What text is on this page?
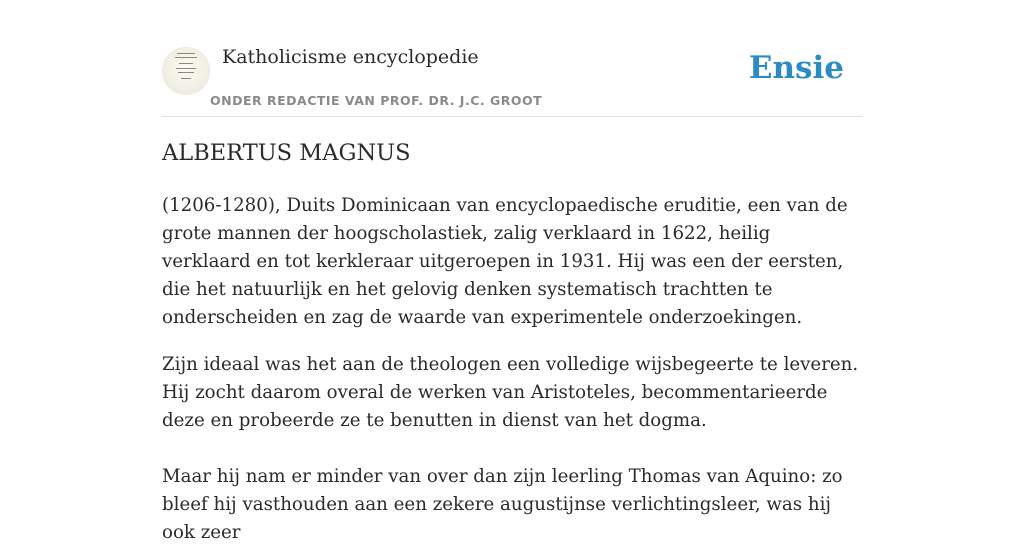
Katholicisme encyclopedie
ONDER REDACTIE VAN PROF. DR. J.C. GROOT
Ensie
ALBERTUS MAGNUS

(1206-1280), Duits Dominicaan van encyclopaedische eruditie, een van de grote mannen der hoogscholastiek, zalig verklaard in 1622, heilig verklaard en tot kerkleraar uitgeroepen in 1931. Hij was een der eersten, die het natuurlijk en het gelovig denken systematisch trachtten te onderscheiden en zag de waarde van experimentele onderzoekingen.

Zijn ideaal was het aan de theologen een volledige wijsbegeerte te leveren. Hij zocht daarom overal de werken van Aristoteles, becommentarieerde deze en probeerde ze te benutten in dienst van het dogma.

Maar hij nam er minder van over dan zijn leerling Thomas van Aquino: zo bleef hij vasthouden aan een zekere augustijnse verlichtingsleer, was hij ook zeer
